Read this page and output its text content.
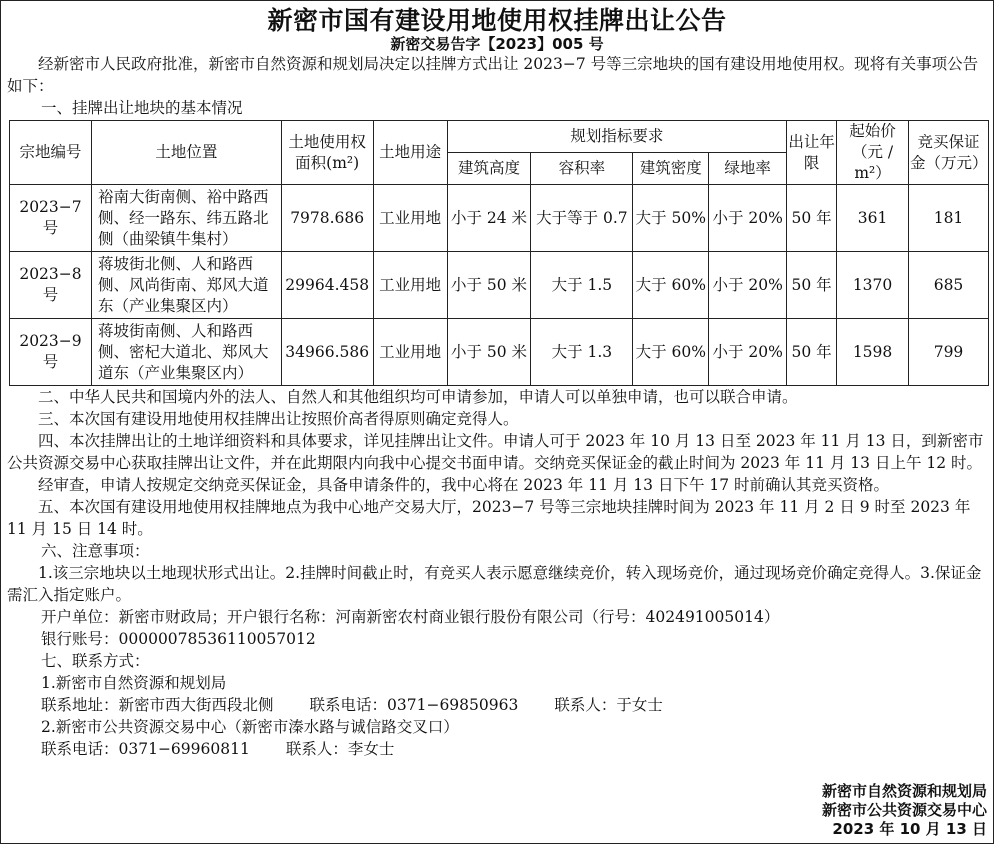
新密市国有建设用地使用权挂牌出让公告
新密交易告字【2023】005 号

经新密市人民政府批准，新密市自然资源和规划局决定以挂牌方式出让 2023−7 号等三宗地块的国有建设用地使用权。现将有关事项公告如下：

一、挂牌出让地块的基本情况

宗地编号	土地位置	土地使用权面积(m²)	土地用途	规划指标要求				出让年限	起始价（元 / m²）	竞买保证金（万元）
				建筑高度	容积率	建筑密度	绿地率			
2023−7 号	裕南大街南侧、裕中路西侧、经一路东、纬五路北侧（曲梁镇牛集村）	7978.686	工业用地	小于 24 米	大于等于 0.7	大于 50%	小于 20%	50 年	361	181
2023−8 号	蒋坡街北侧、人和路西侧、风尚街南、郑风大道东（产业集聚区内）	29964.458	工业用地	小于 50 米	大于 1.5	大于 60%	小于 20%	50 年	1370	685
2023−9 号	蒋坡街南侧、人和路西侧、密杞大道北、郑风大道东（产业集聚区内）	34966.586	工业用地	小于 50 米	大于 1.3	大于 60%	小于 20%	50 年	1598	799

二、中华人民共和国境内外的法人、自然人和其他组织均可申请参加，申请人可以单独申请，也可以联合申请。

三、本次国有建设用地使用权挂牌出让按照价高者得原则确定竞得人。

四、本次挂牌出让的土地详细资料和具体要求，详见挂牌出让文件。申请人可于 2023 年 10 月 13 日至 2023 年 11 月 13 日，到新密市公共资源交易中心获取挂牌出让文件，并在此期限内向我中心提交书面申请。交纳竞买保证金的截止时间为 2023 年 11 月 13 日上午 12 时。

经审查，申请人按规定交纳竞买保证金，具备申请条件的，我中心将在 2023 年 11 月 13 日下午 17 时前确认其竞买资格。

五、本次国有建设用地使用权挂牌地点为我中心地产交易大厅，2023−7 号等三宗地块挂牌时间为 2023 年 11 月 2 日 9 时至 2023 年 11 月 15 日 14 时。

六、注意事项：

1.该三宗地块以土地现状形式出让。2.挂牌时间截止时，有竞买人表示愿意继续竞价，转入现场竞价，通过现场竞价确定竞得人。3.保证金需汇入指定账户。

开户单位：新密市财政局；开户银行名称：河南新密农村商业银行股份有限公司（行号：402491005014）

银行账号：00000078536110057012

七、联系方式：

1.新密市自然资源和规划局

联系地址：新密市西大街西段北侧 联系电话：0371−69850963 联系人：于女士

2.新密市公共资源交易中心（新密市溱水路与诚信路交叉口）

联系电话：0371−69960811 联系人：李女士

新密市自然资源和规划局
新密市公共资源交易中心
2023 年 10 月 13 日
